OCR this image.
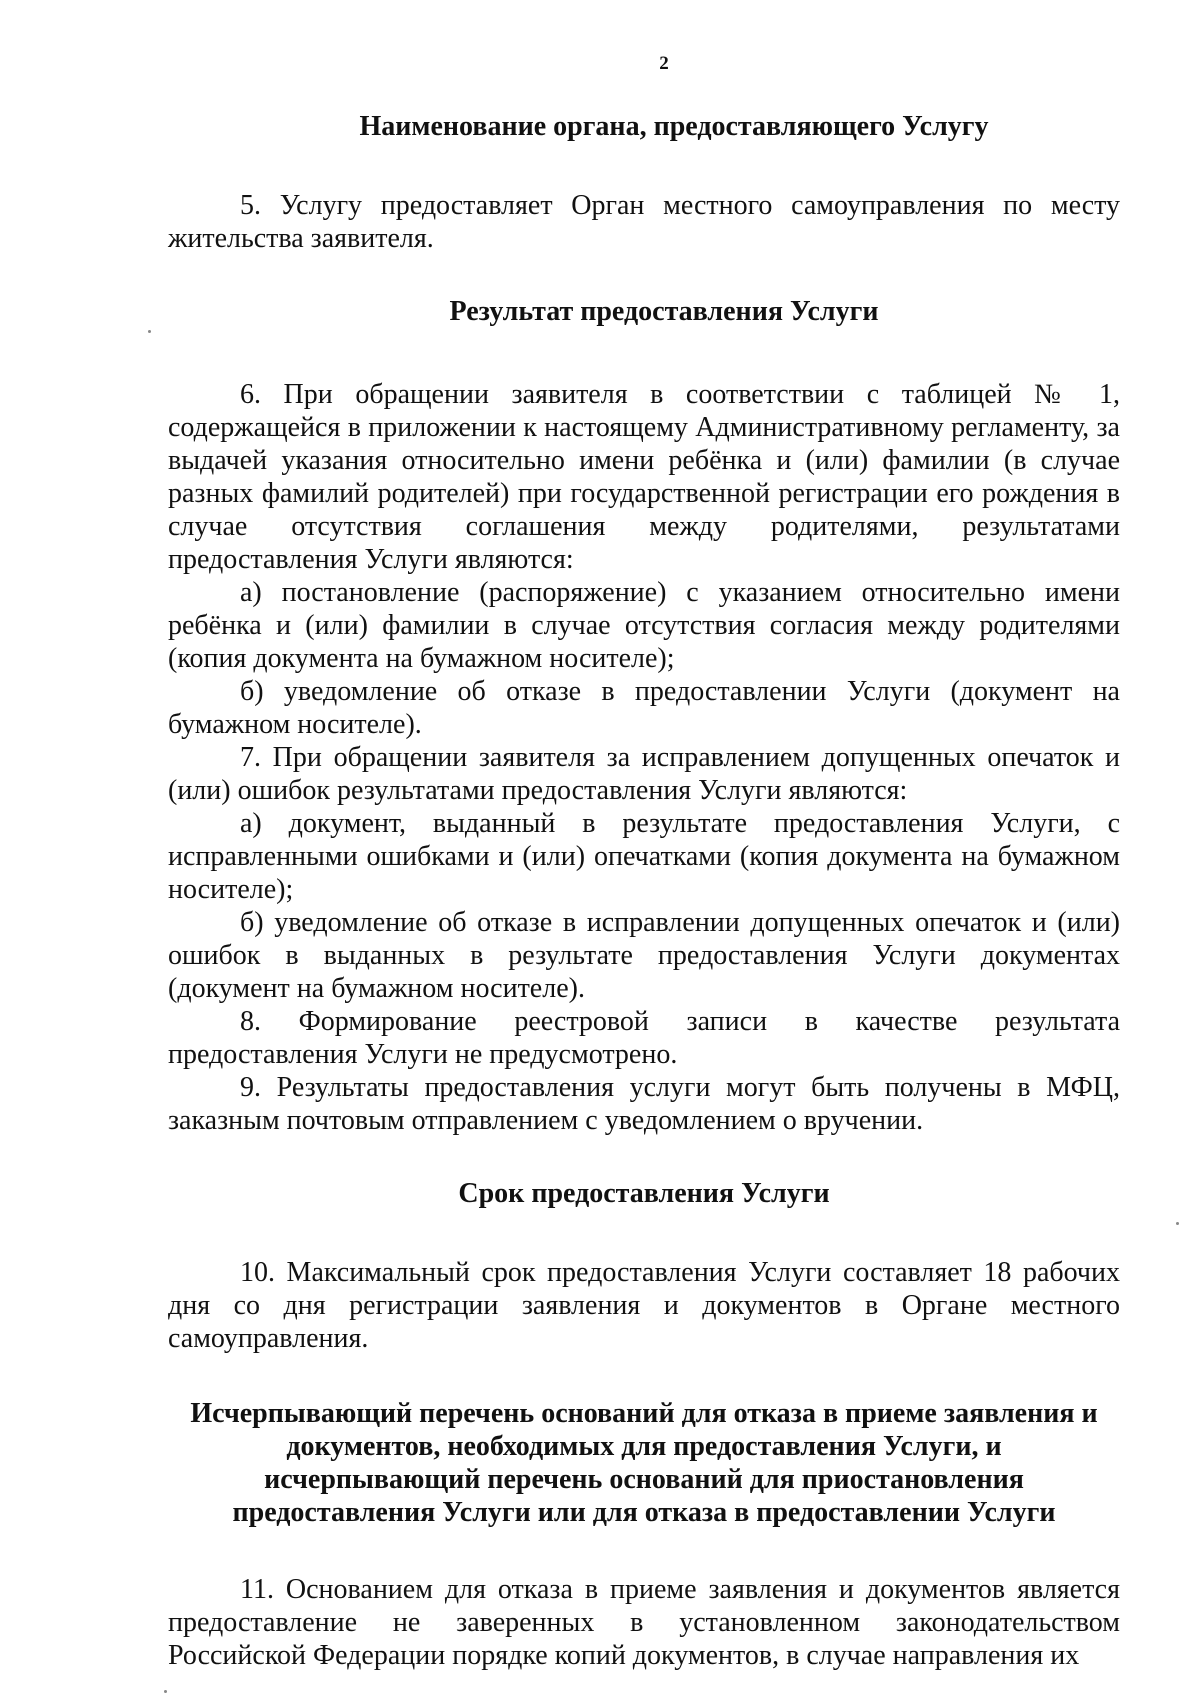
2
Наименование органа, предоставляющего Услугу

5. Услугу предоставляет Орган местного самоуправления по месту жительства заявителя.

Результат предоставления Услуги

6. При обращении заявителя в соответствии с таблицей № 1, содержащейся в приложении к настоящему Административному регламенту, за выдачей указания относительно имени ребёнка и (или) фамилии (в случае разных фамилий родителей) при государственной регистрации его рождения в случае отсутствия соглашения между родителями, результатами предоставления Услуги являются:

а) постановление (распоряжение) с указанием относительно имени ребёнка и (или) фамилии в случае отсутствия согласия между родителями (копия документа на бумажном носителе);

б) уведомление об отказе в предоставлении Услуги (документ на бумажном носителе).

7. При обращении заявителя за исправлением допущенных опечаток и (или) ошибок результатами предоставления Услуги являются:

а) документ, выданный в результате предоставления Услуги, с исправленными ошибками и (или) опечатками (копия документа на бумажном носителе);

б) уведомление об отказе в исправлении допущенных опечаток и (или) ошибок в выданных в результате предоставления Услуги документах (документ на бумажном носителе).

8. Формирование реестровой записи в качестве результата предоставления Услуги не предусмотрено.

9. Результаты предоставления услуги могут быть получены в МФЦ, заказным почтовым отправлением с уведомлением о вручении.

Срок предоставления Услуги

10. Максимальный срок предоставления Услуги составляет 18 рабочих дня со дня регистрации заявления и документов в Органе местного самоуправления.

Исчерпывающий перечень оснований для отказа в приеме заявления и
документов, необходимых для предоставления Услуги, и
исчерпывающий перечень оснований для приостановления
предоставления Услуги или для отказа в предоставлении Услуги

11. Основанием для отказа в приеме заявления и документов является предоставление не заверенных в установленном законодательством Российской Федерации порядке копий документов, в случае направления их
